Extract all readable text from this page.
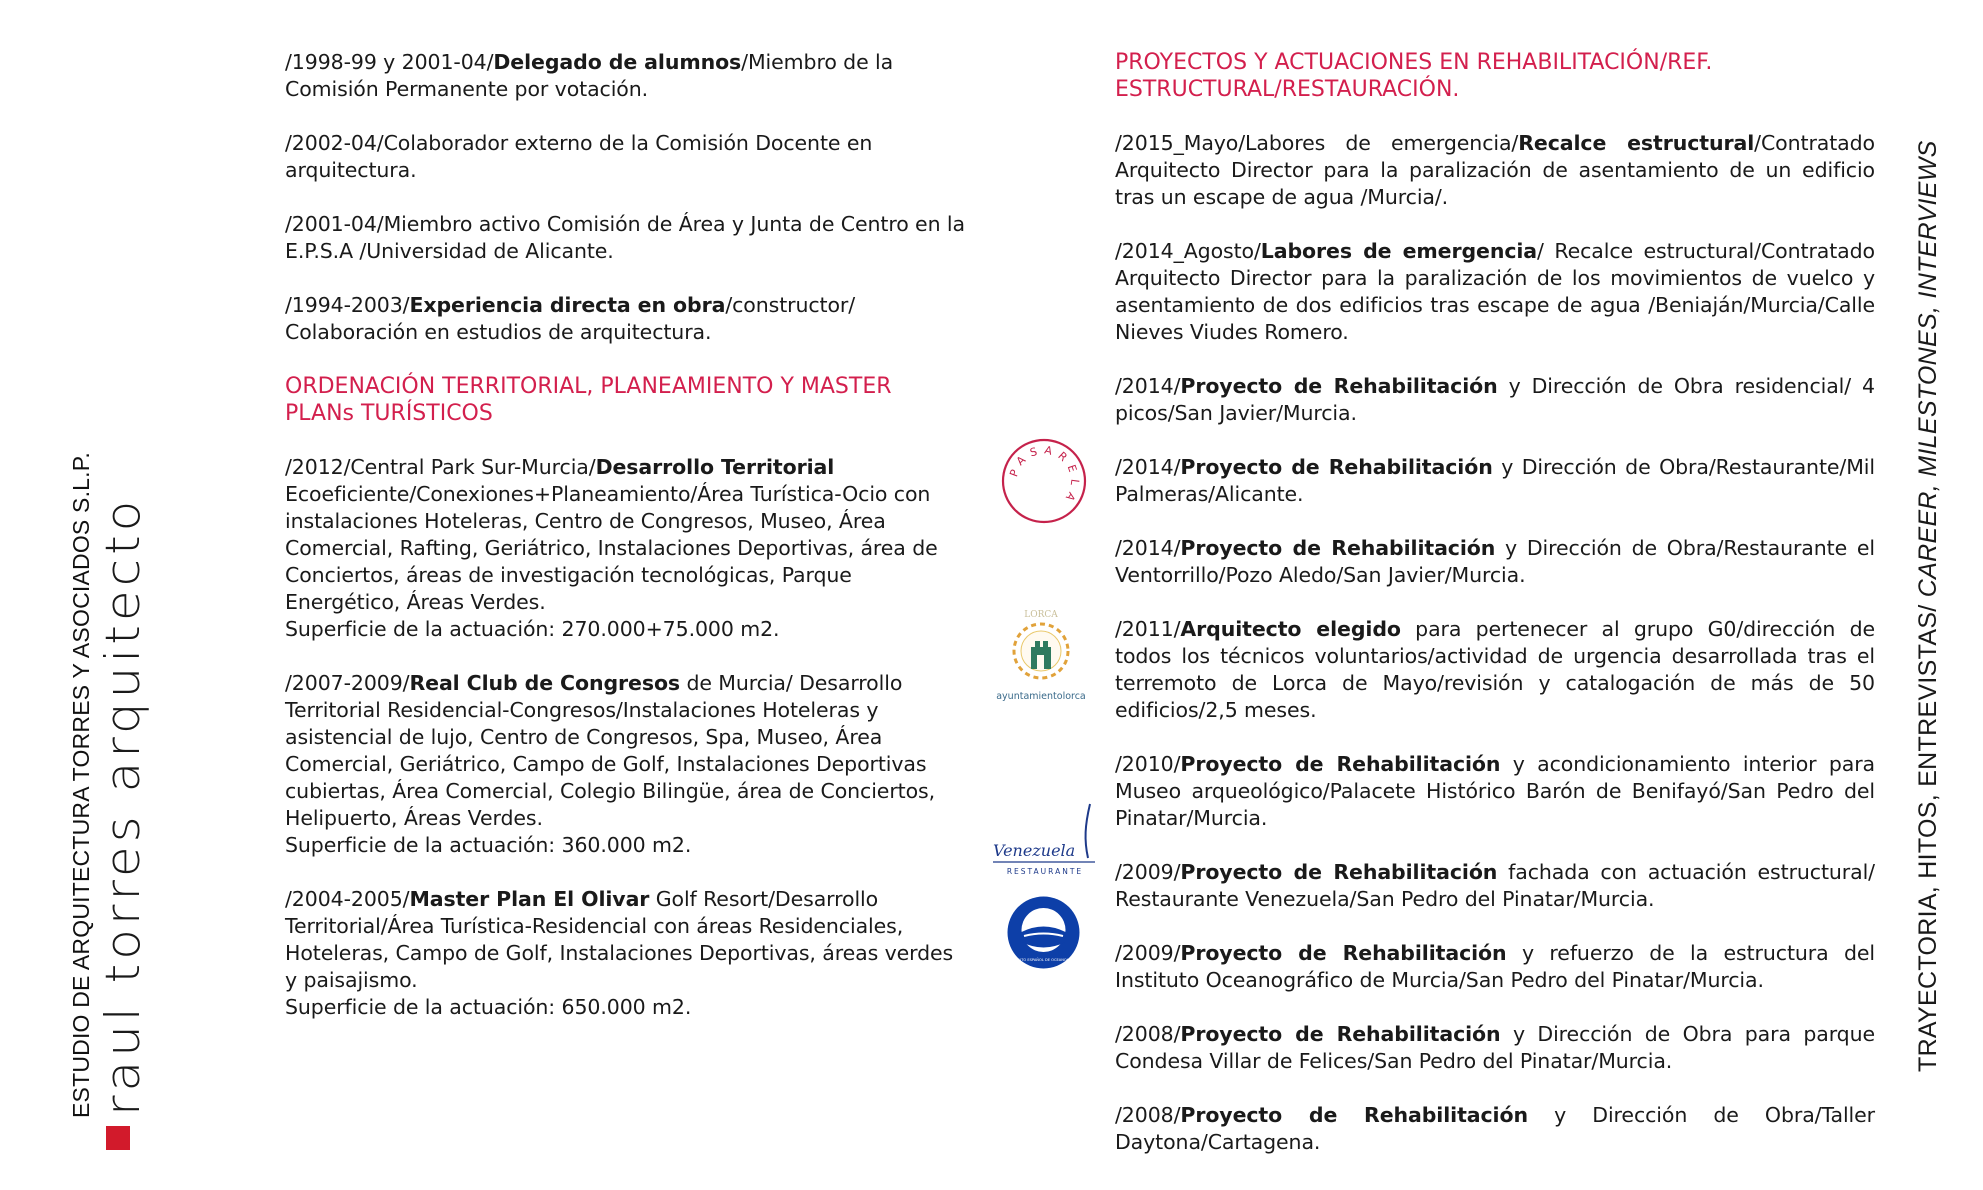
ESTUDIO DE ARQUITECTURA TORRES Y ASOCIADOS S.L.P. raul torres arquitecto
/1998-99 y 2001-04/Delegado de alumnos/Miembro de la Comisión Permanente por votación.
/2002-04/Colaborador externo de la Comisión Docente en arquitectura.
/2001-04/Miembro activo Comisión de Área y Junta de Centro en la E.P.S.A /Universidad de Alicante.
/1994-2003/Experiencia directa en obra/constructor/ Colaboración en estudios de arquitectura.
ORDENACIÓN TERRITORIAL, PLANEAMIENTO Y MASTER PLANs TURÍSTICOS
/2012/Central Park Sur-Murcia/Desarrollo Territorial Ecoeficiente/Conexiones+Planeamiento/Área Turística-Ocio con instalaciones Hoteleras, Centro de Congresos, Museo, Área Comercial, Rafting, Geriátrico, Instalaciones Deportivas, área de Conciertos, áreas de investigación tecnológicas, Parque Energético, Áreas Verdes.
Superficie de la actuación: 270.000+75.000 m2.
/2007-2009/Real Club de Congresos de Murcia/ Desarrollo Territorial Residencial-Congresos/Instalaciones Hoteleras y asistencial de lujo, Centro de Congresos, Spa, Museo, Área Comercial, Geriátrico, Campo de Golf, Instalaciones Deportivas cubiertas, Área Comercial, Colegio Bilingüe, área de Conciertos, Helipuerto, Áreas Verdes.
Superficie de la actuación: 360.000 m2.
/2004-2005/Master Plan El Olivar Golf Resort/Desarrollo Territorial/Área Turística-Residencial con áreas Residenciales, Hoteleras, Campo de Golf, Instalaciones Deportivas, áreas verdes y paisajismo.
Superficie de la actuación: 650.000 m2.
PROYECTOS Y ACTUACIONES EN REHABILITACIÓN/REF. ESTRUCTURAL/RESTAURACIÓN.
/2015_Mayo/Labores de emergencia/Recalce estructural/Contratado Arquitecto Director para la paralización de asentamiento de un edificio tras un escape de agua /Murcia/.
/2014_Agosto/Labores de emergencia/ Recalce estructural/Contratado Arquitecto Director para la paralización de los movimientos de vuelco y asentamiento de dos edificios tras escape de agua /Beniaján/Murcia/Calle Nieves Viudes Romero.
/2014/Proyecto de Rehabilitación y Dirección de Obra residencial/ 4 picos/San Javier/Murcia.
/2014/Proyecto de Rehabilitación y Dirección de Obra/Restaurante/Mil Palmeras/Alicante.
/2014/Proyecto de Rehabilitación y Dirección de Obra/Restaurante el Ventorrillo/Pozo Aledo/San Javier/Murcia.
/2011/Arquitecto elegido para pertenecer al grupo G0/dirección de todos los técnicos voluntarios/actividad de urgencia desarrollada tras el terremoto de Lorca de Mayo/revisión y catalogación de más de 50 edificios/2,5 meses.
/2010/Proyecto de Rehabilitación y acondicionamiento interior para Museo arqueológico/Palacete Histórico Barón de Benifayó/San Pedro del Pinatar/Murcia.
/2009/Proyecto de Rehabilitación fachada con actuación estructural/ Restaurante Venezuela/San Pedro del Pinatar/Murcia.
/2009/Proyecto de Rehabilitación y refuerzo de la estructura del Instituto Oceanográfico de Murcia/San Pedro del Pinatar/Murcia.
/2008/Proyecto de Rehabilitación y Dirección de Obra para parque Condesa Villar de Felices/San Pedro del Pinatar/Murcia.
/2008/Proyecto de Rehabilitación y Dirección de Obra/Taller Daytona/Cartagena.
TRAYECTORIA, HITOS, ENTREVISTAS/ CAREER, MILESTONES, INTERVIEWS
PASARELA
LORCA
ayuntamientolorca
Venezuela
RESTAURANTE
INSTITUTO ESPAÑOL DE OCEANOGRAFÍA
